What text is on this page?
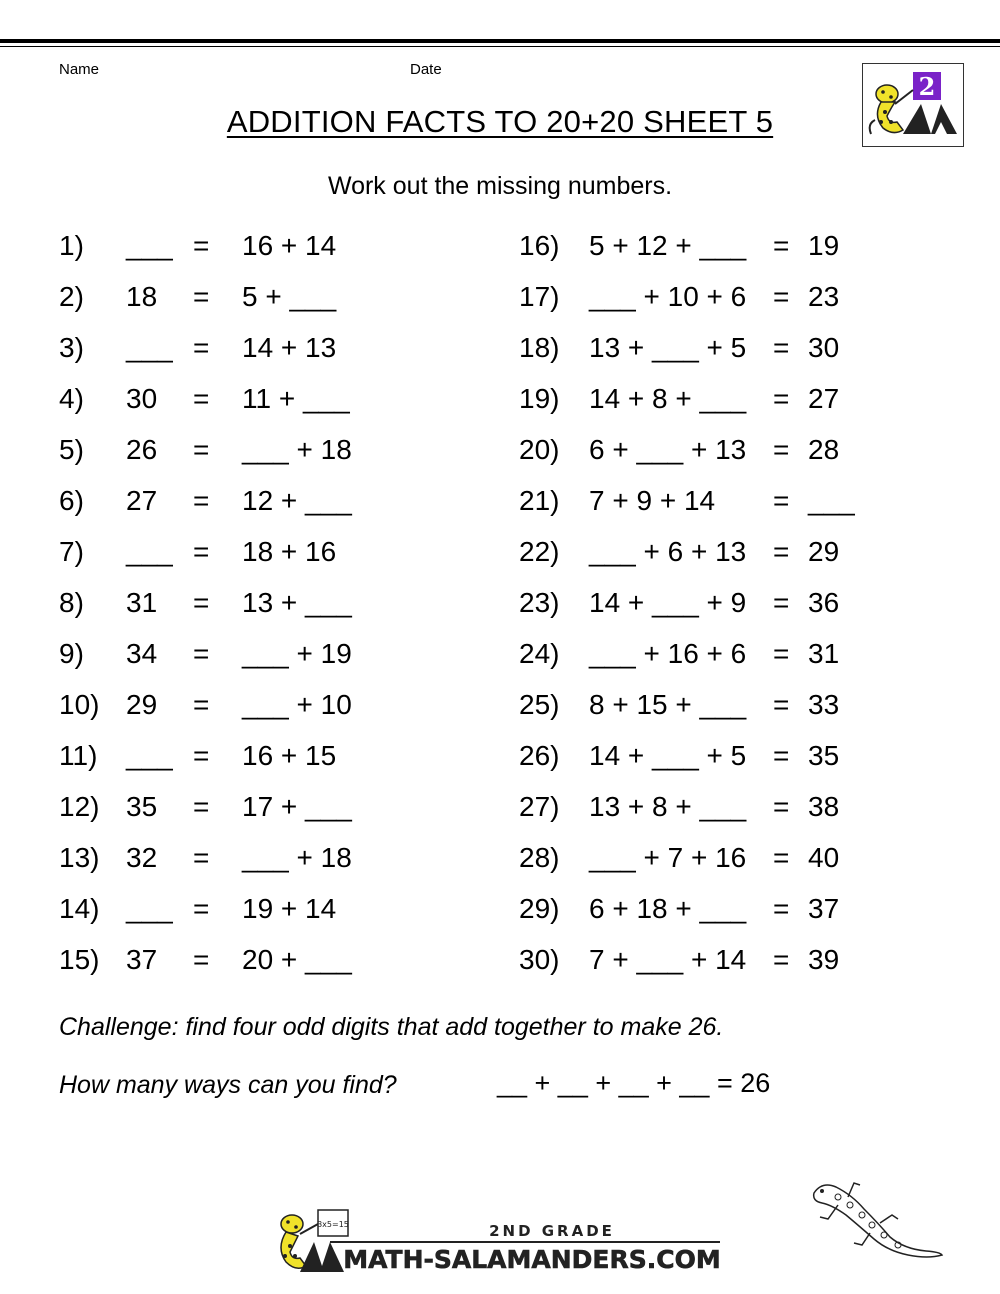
Name	Date
ADDITION FACTS TO 20+20 SHEET 5
Work out the missing numbers.
2
1) ___ = 16 + 14
2) 18 = 5 + ___
3) ___ = 14 + 13
4) 30 = 11 + ___
5) 26 = ___ + 18
6) 27 = 12 + ___
7) ___ = 18 + 16
8) 31 = 13 + ___
9) 34 = ___ + 19
10) 29 = ___ + 10
11) ___ = 16 + 15
12) 35 = 17 + ___
13) 32 = ___ + 18
14) ___ = 19 + 14
15) 37 = 20 + ___
16) 5 + 12 + ___ = 19
17) ___ + 10 + 6 = 23
18) 13 + ___ + 5 = 30
19) 14 + 8 + ___ = 27
20) 6 + ___ + 13 = 28
21) 7 + 9 + 14 = ___
22) ___ + 6 + 13 = 29
23) 14 + ___ + 9 = 36
24) ___ + 16 + 6 = 31
25) 8 + 15 + ___ = 33
26) 14 + ___ + 5 = 35
27) 13 + 8 + ___ = 38
28) ___ + 7 + 16 = 40
29) 6 + 18 + ___ = 37
30) 7 + ___ + 14 = 39
Challenge: find four odd digits that add together to make 26.
How many ways can you find?	__ + __ + __ + __ = 26
3x5=15	2ND GRADE
MATH-SALAMANDERS.COM
